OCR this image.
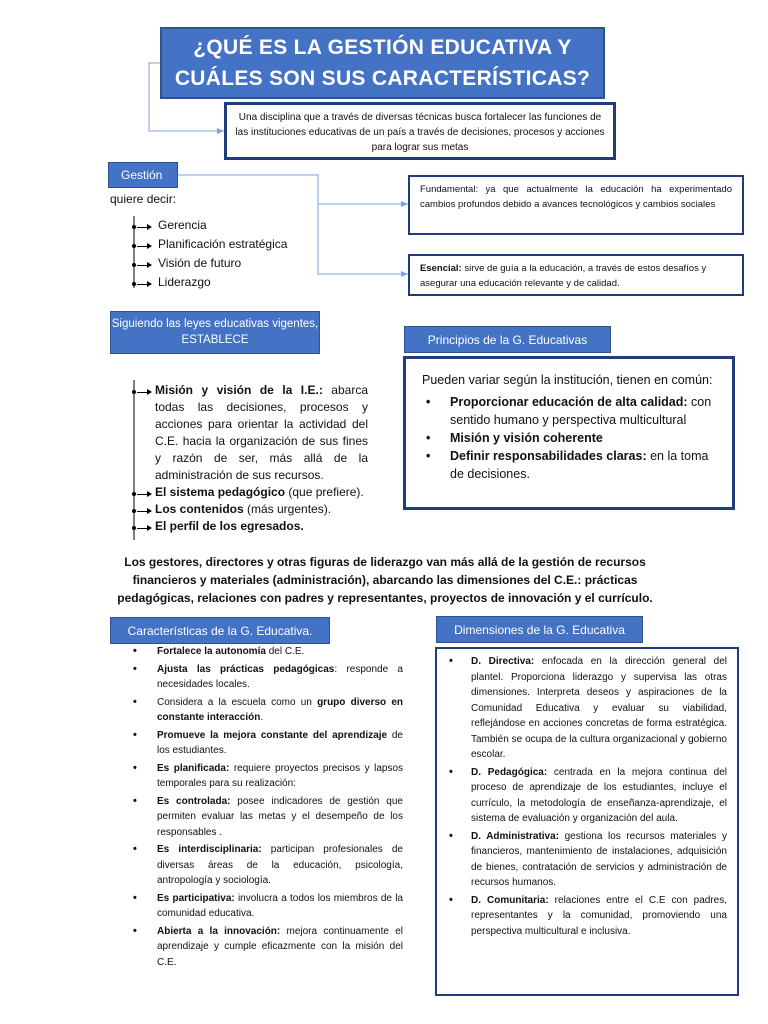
¿QUÉ ES LA GESTIÓN EDUCATIVA Y CUÁLES SON SUS CARACTERÍSTICAS?
Una disciplina que a través de diversas técnicas busca fortalecer las funciones de las instituciones educativas de un país a través de decisiones, procesos y acciones para lograr sus metas
Gestión
quiere decir:
Gerencia
Planificación estratégica
Visión de futuro
Liderazgo
Fundamental: ya que actualmente la educación ha experimentado cambios profundos debido a avances tecnológicos y cambios sociales
Esencial: sirve de guía a la educación, a través de estos desafíos y asegurar una educación relevante y de calidad.
Siguiendo las leyes educativas vigentes, ESTABLECE
Misión y visión de la I.E.: abarca todas las decisiones, procesos y acciones para orientar la actividad del C.E. hacia la organización de sus fines y razón de ser, más allá de la administración de sus recursos.
El sistema pedagógico (que prefiere).
Los contenidos (más urgentes).
El perfil de los egresados.
Principios de la G. Educativas

Pueden variar según la institución, tienen en común:

• Proporcionar educación de alta calidad: con sentido humano y perspectiva multicultural
• Misión y visión coherente
• Definir responsabilidades claras: en la toma de decisiones.
Los gestores, directores y otras figuras de liderazgo van más allá de la gestión de recursos financieros y materiales (administración), abarcando las dimensiones del C.E.: prácticas pedagógicas, relaciones con padres y representantes, proyectos de innovación y el currículo.
Características de la G. Educativa.
• Fortalece la autonomía del C.E.
• Ajusta las prácticas pedagógicas: responde a necesidades locales.
• Considera a la escuela como un grupo diverso en constante interacción.
• Promueve la mejora constante del aprendizaje de los estudiantes.
• Es planificada: requiere proyectos precisos y lapsos temporales para su realización:
• Es controlada: posee indicadores de gestión que permiten evaluar las metas y el desempeño de los responsables .
• Es interdisciplinaria: participan profesionales de diversas áreas de la educación, psicología, antropología y sociología.
• Es participativa: involucra a todos los miembros de la comunidad educativa.
• Abierta a la innovación: mejora continuamente el aprendizaje y cumple eficazmente con la misión del C.E.
Dimensiones de la G. Educativa
• D. Directiva: enfocada en la dirección general del plantel. Proporciona liderazgo y supervisa las otras dimensiones. Interpreta deseos y aspiraciones de la Comunidad Educativa y evaluar su viabilidad, reflejándose en acciones concretas de forma estratégica. También se ocupa de la cultura organizacional y gobierno escolar.
• D. Pedagógica: centrada en la mejora continua del proceso de aprendizaje de los estudiantes, incluye el currículo, la metodología de enseñanza-aprendizaje, el sistema de evaluación y organización del aula.
• D. Administrativa: gestiona los recursos materiales y financieros, mantenimiento de instalaciones, adquisición de bienes, contratación de servicios y administración de recursos humanos.
• D. Comunitaria: relaciones entre el C.E con padres, representantes y la comunidad, promoviendo una perspectiva multicultural e inclusiva.
